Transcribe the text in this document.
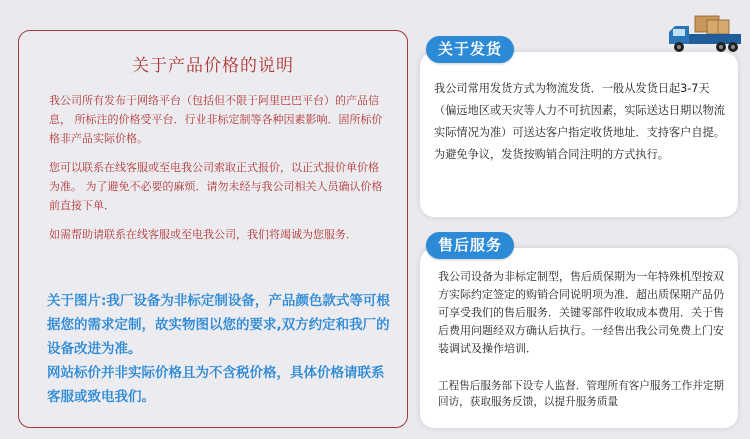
关于产品价格的说明

我公司所有发布于网络平台（包括但不限于阿里巴巴平台）的产品信息， 所标注的价格受平台．行业非标定制等各种因素影响．固所标价格非产品实际价格。

您可以联系在线客服或至电我公司索取正式报价，以正式报价单价格为准。 为了避免不必要的麻烦．请勿未经与我公司相关人员确认价格前直接下单．

如需帮助请联系在线客服或至电我公司，我们将竭诚为您服务．

关于图片:我厂设备为非标定制设备，产品颜色款式等可根据您的需求定制，故实物图以您的要求,双方约定和我厂的设备改进为准。

网站标价并非实际价格且为不含税价格，具体价格请联系客服或致电我们。

我公司常用发货方式为物流发货．一般从发货日起3-7天（偏远地区或天灾等人力不可抗因素，实际送达日期以物流实际情况为准）可送达客户指定收货地址．支持客户自提。

为避免争议，发货按购销合同注明的方式执行。

关于发货

我公司设备为非标定制型，售后质保期为一年特殊机型按双方实际约定签定的购销合同说明项为准．超出质保期产品仍可享受我们的售后服务．关键零部件收取成本费用．关于售后费用问题经双方确认后执行。一经售出我公司免费上门安装调试及操作培训．

工程售后服务部下设专人监督．管理所有客户服务工作并定期回访，获取服务反馈，以提升服务质量

售后服务
